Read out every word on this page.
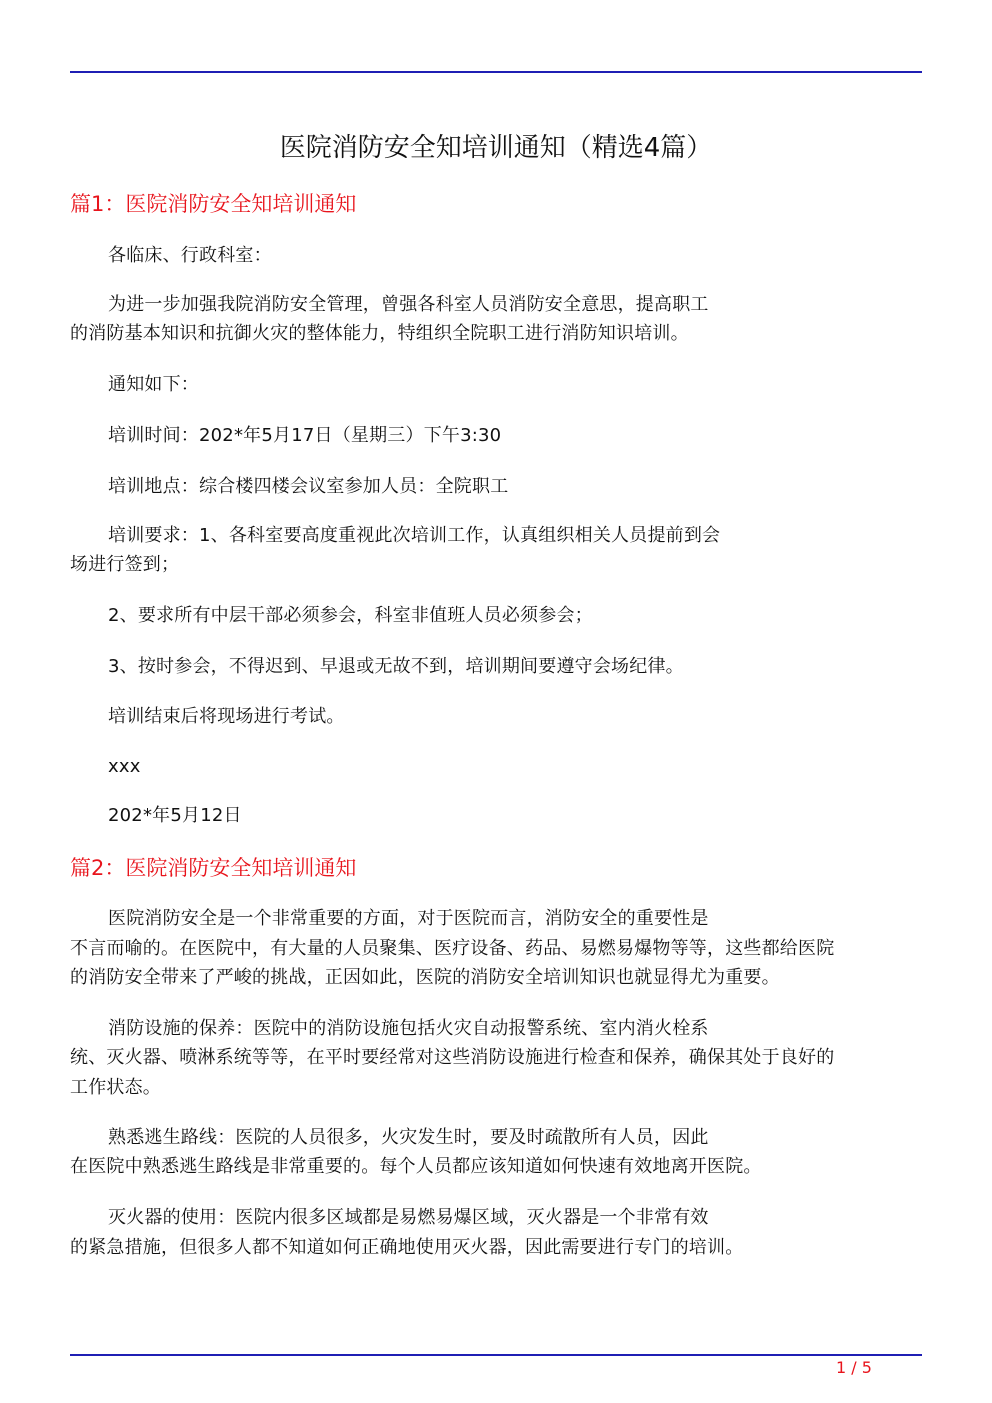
医院消防安全知培训通知（精选4篇）
篇1：医院消防安全知培训通知
各临床、行政科室：
为进一步加强我院消防安全管理，曾强各科室人员消防安全意思，提高职工
的消防基本知识和抗御火灾的整体能力，特组织全院职工进行消防知识培训。
通知如下：
培训时间：202*年5月17日（星期三）下午3:30
培训地点：综合楼四楼会议室参加人员：全院职工
培训要求：1、各科室要高度重视此次培训工作，认真组织相关人员提前到会
场进行签到；
2、要求所有中层干部必须参会，科室非值班人员必须参会；
3、按时参会，不得迟到、早退或无故不到，培训期间要遵守会场纪律。
培训结束后将现场进行考试。
xxx
202*年5月12日
篇2：医院消防安全知培训通知
医院消防安全是一个非常重要的方面，对于医院而言，消防安全的重要性是
不言而喻的。在医院中，有大量的人员聚集、医疗设备、药品、易燃易爆物等等，这些都给医院
的消防安全带来了严峻的挑战，正因如此，医院的消防安全培训知识也就显得尤为重要。
消防设施的保养：医院中的消防设施包括火灾自动报警系统、室内消火栓系
统、灭火器、喷淋系统等等，在平时要经常对这些消防设施进行检查和保养，确保其处于良好的
工作状态。
熟悉逃生路线：医院的人员很多，火灾发生时，要及时疏散所有人员，因此
在医院中熟悉逃生路线是非常重要的。每个人员都应该知道如何快速有效地离开医院。
灭火器的使用：医院内很多区域都是易燃易爆区域，灭火器是一个非常有效
的紧急措施，但很多人都不知道如何正确地使用灭火器，因此需要进行专门的培训。
1 / 5
